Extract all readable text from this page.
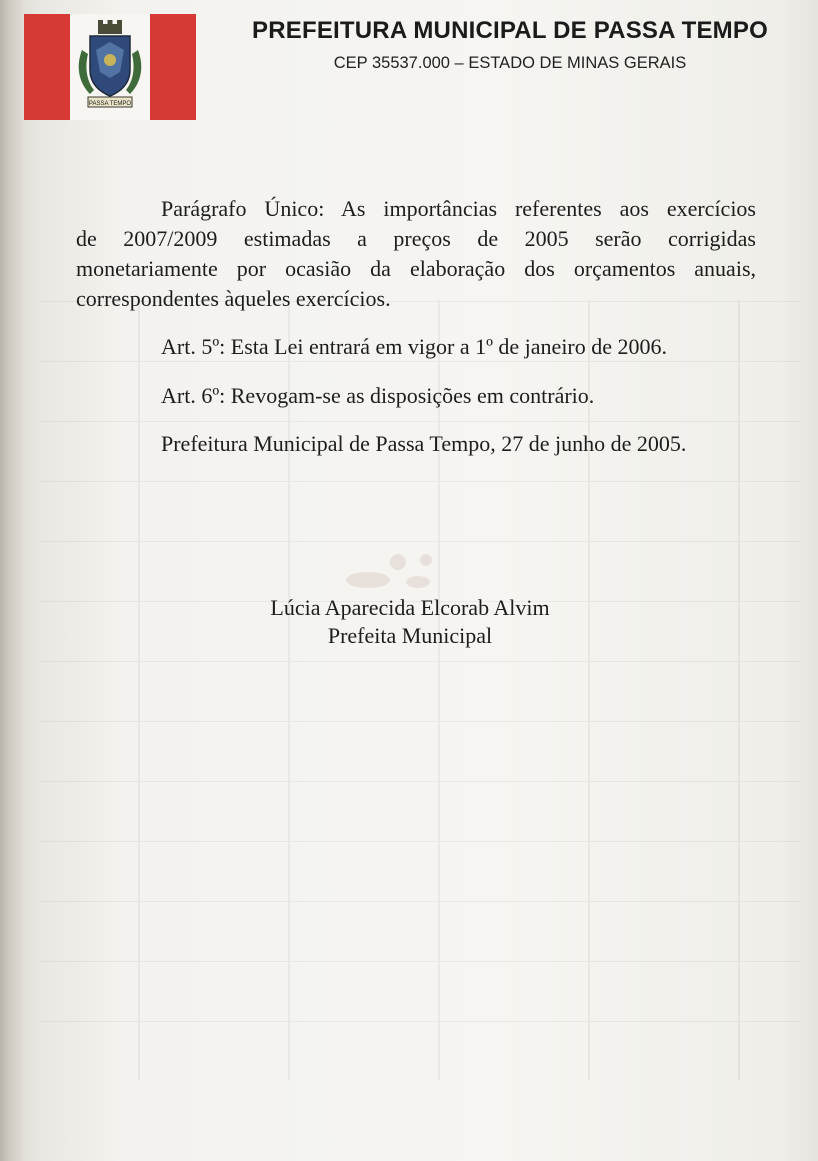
PASSA TEMPO
PREFEITURA MUNICIPAL DE PASSA TEMPO
CEP 35537.000 – ESTADO DE MINAS GERAIS
Parágrafo Único: As importâncias referentes aos exercícios
de 2007/2009 estimadas a preços de 2005 serão corrigidas
monetariamente por ocasião da elaboração dos orçamentos anuais,
correspondentes àqueles exercícios.
Art. 5º: Esta Lei entrará em vigor a 1º de janeiro de 2006.
Art. 6º: Revogam-se as disposições em contrário.
Prefeitura Municipal de Passa Tempo, 27 de junho de 2005.
Lúcia Aparecida Elcorab Alvim
Prefeita Municipal
